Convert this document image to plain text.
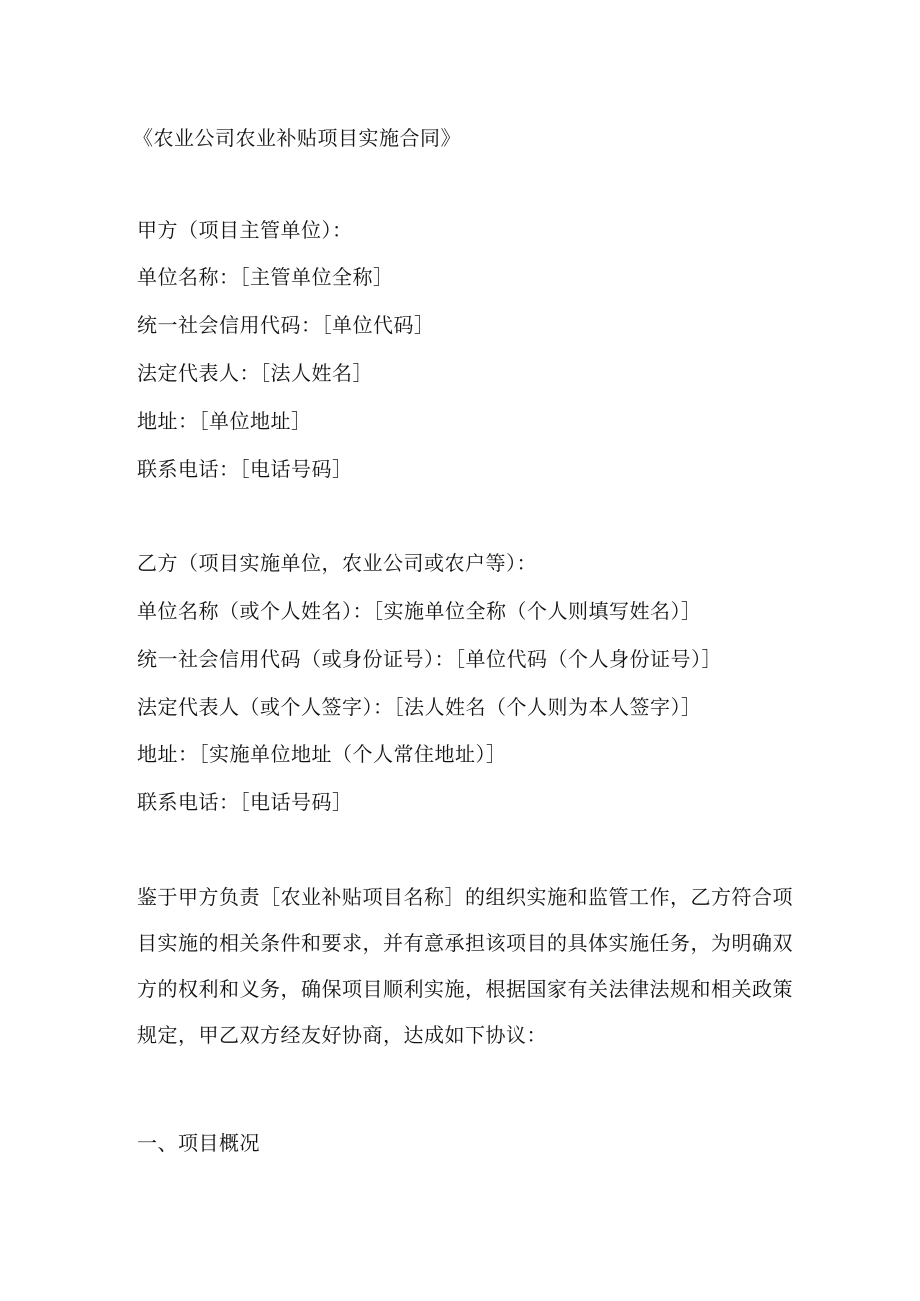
《农业公司农业补贴项目实施合同》
甲方（项目主管单位）：
单位名称：［主管单位全称］
统一社会信用代码：［单位代码］
法定代表人：［法人姓名］
地址：［单位地址］
联系电话：［电话号码］
乙方（项目实施单位，农业公司或农户等）：
单位名称（或个人姓名）：［实施单位全称（个人则填写姓名）］
统一社会信用代码（或身份证号）：［单位代码（个人身份证号）］
法定代表人（或个人签字）：［法人姓名（个人则为本人签字）］
地址：［实施单位地址（个人常住地址）］
联系电话：［电话号码］
鉴于甲方负责［农业补贴项目名称］的组织实施和监管工作，乙方符合项
目实施的相关条件和要求，并有意承担该项目的具体实施任务，为明确双
方的权利和义务，确保项目顺利实施，根据国家有关法律法规和相关政策
规定，甲乙双方经友好协商，达成如下协议：
一、项目概况
